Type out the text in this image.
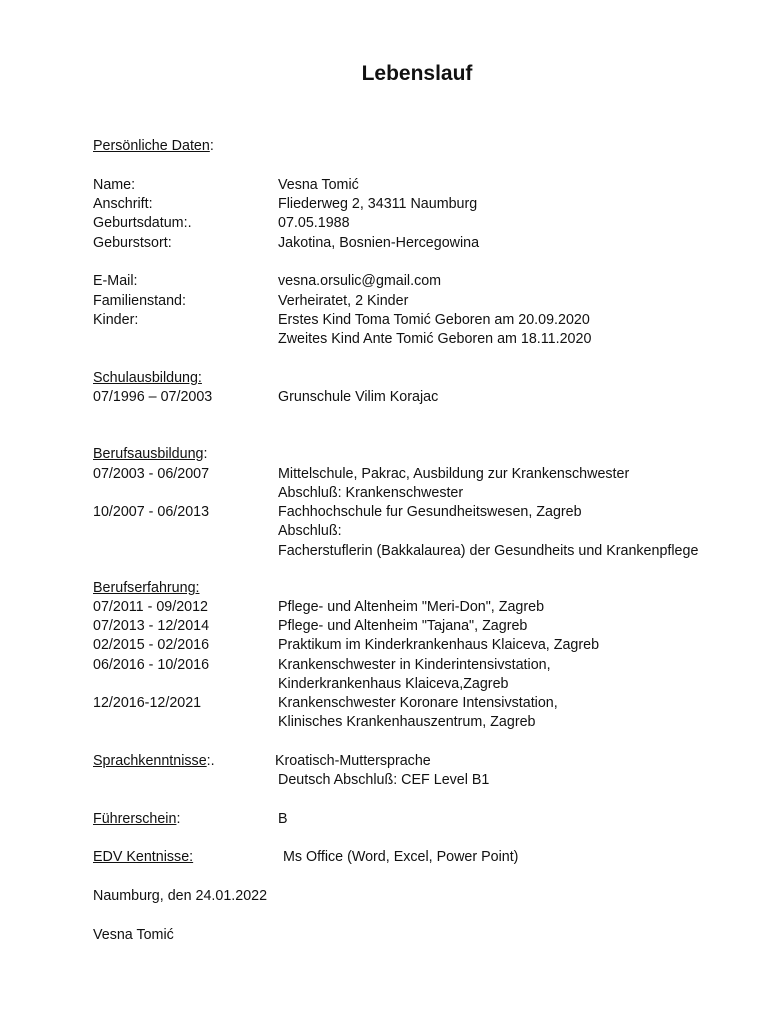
Lebenslauf
Persönliche Daten:
Name:	Vesna Tomić
Anschrift:	Fliederweg 2, 34311 Naumburg
Geburtsdatum:.	07.05.1988
Geburstsort:	Jakotina, Bosnien-Hercegowina
E-Mail:	vesna.orsulic@gmail.com
Familienstand:	Verheiratet, 2 Kinder
Kinder:	Erstes Kind Toma Tomić Geboren am 20.09.2020
Zweites Kind Ante Tomić Geboren am 18.11.2020
Schulausbildung:
07/1996 – 07/2003	Grunschule Vilim Korajac
Berufsausbildung:
07/2003 - 06/2007	Mittelschule, Pakrac, Ausbildung zur Krankenschwester
Abschluß: Krankenschwester
10/2007 - 06/2013	Fachhochschule fur Gesundheitswesen, Zagreb
Abschluß:
Facherstuflerin (Bakkalaurea) der Gesundheits und Krankenpflege
Berufserfahrung:
07/2011 - 09/2012	Pflege- und Altenheim "Meri-Don", Zagreb
07/2013 - 12/2014	Pflege- und Altenheim "Tajana", Zagreb
02/2015 - 02/2016	Praktikum im Kinderkrankenhaus Klaiceva, Zagreb
06/2016 - 10/2016	Krankenschwester in Kinderintensivstation,
Kinderkrankenhaus Klaiceva,Zagreb
12/2016-12/2021	Krankenschwester Koronare Intensivstation,
Klinisches Krankenhauszentrum, Zagreb
Sprachkenntnisse:.	Kroatisch-Muttersprache
Deutsch Abschluß: CEF Level B1
Führerschein:	B
EDV Kentnisse:	Ms Office (Word, Excel, Power Point)
Naumburg, den 24.01.2022
Vesna Tomić
